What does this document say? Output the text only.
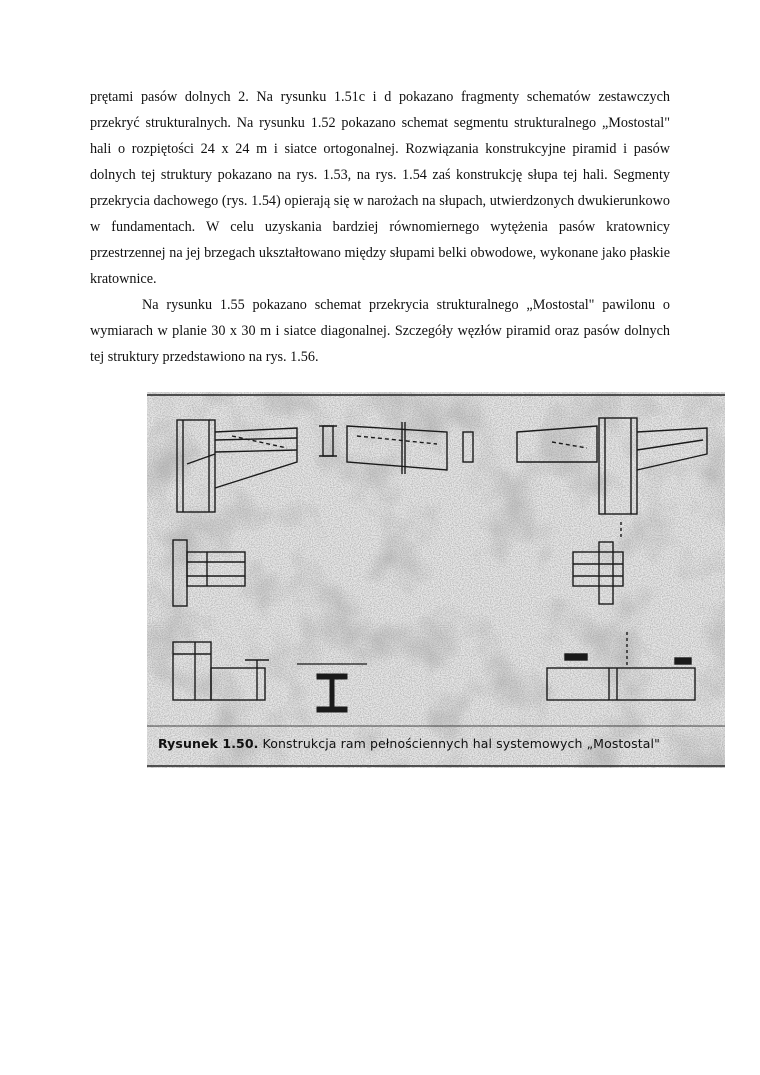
prętami pasów dolnych 2. Na rysunku 1.51c i d pokazano fragmenty schematów zestawczych przekryć strukturalnych. Na rysunku 1.52 pokazano schemat segmentu strukturalnego „Mostostal" hali o rozpiętości 24 x 24 m i siatce ortogonalnej. Rozwiązania konstrukcyjne piramid i pasów dolnych tej struktury pokazano na rys. 1.53, na rys. 1.54 zaś konstrukcję słupa tej hali. Segmenty przekrycia dachowego (rys. 1.54) opierają się w narożach na słupach, utwierdzonych dwukierunkowo w fundamentach. W celu uzyskania bardziej równomiernego wytężenia pasów kratownicy przestrzennej na jej brzegach ukształtowano między słupami belki obwodowe, wykonane jako płaskie kratownice.

Na rysunku 1.55 pokazano schemat przekrycia strukturalnego „Mostostal" pawilonu o wymiarach w planie 30 x 30 m i siatce diagonalnej. Szczegóły węzłów piramid oraz pasów dolnych tej struktury przedstawiono na rys. 1.56.

Rysunek 1.50. Konstrukcja ram pełnościennych hal systemowych „Mostostal"
